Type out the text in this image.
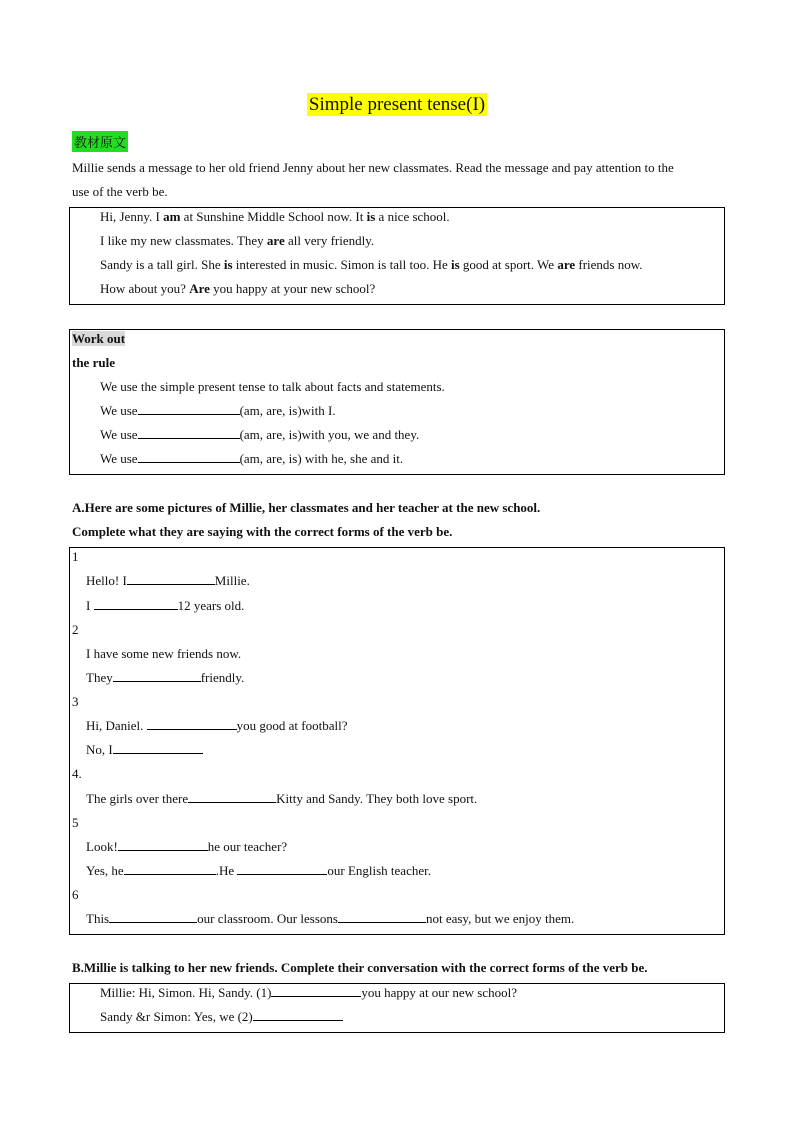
Simple present tense(I)
教材原文
Millie sends a message to her old friend Jenny about her new classmates. Read the message and pay attention to the
use of the verb be.
Hi, Jenny. I am at Sunshine Middle School now. It is a nice school.
I like my new classmates. They are all very friendly.
Sandy is a tall girl. She is interested in music. Simon is tall too. He is good at sport. We are friends now.
How about you? Are you happy at your new school?
Work out
the rule
We use the simple present tense to talk about facts and statements.
We use	(am, are, is)with I.
We use	(am, are, is)with you, we and they.
We use	(am, are, is) with he, she and it.
A.Here are some pictures of Millie, her classmates and her teacher at the new school.
Complete what they are saying with the correct forms of the verb be.
1
Hello! I	Millie.
I	12 years old.
2
I have some new friends now.
They	friendly.
3
Hi, Daniel.	you good at football?
No, I
4.
The girls over there	Kitty and Sandy. They both love sport.
5
Look!	he our teacher?
Yes, he	.He	our English teacher.
6
This	our classroom. Our lessons	not easy, but we enjoy them.
B.Millie is talking to her new friends. Complete their conversation with the correct forms of the verb be.
Millie: Hi, Simon. Hi, Sandy. (1)	you happy at our new school?
Sandy &r Simon: Yes, we (2)
